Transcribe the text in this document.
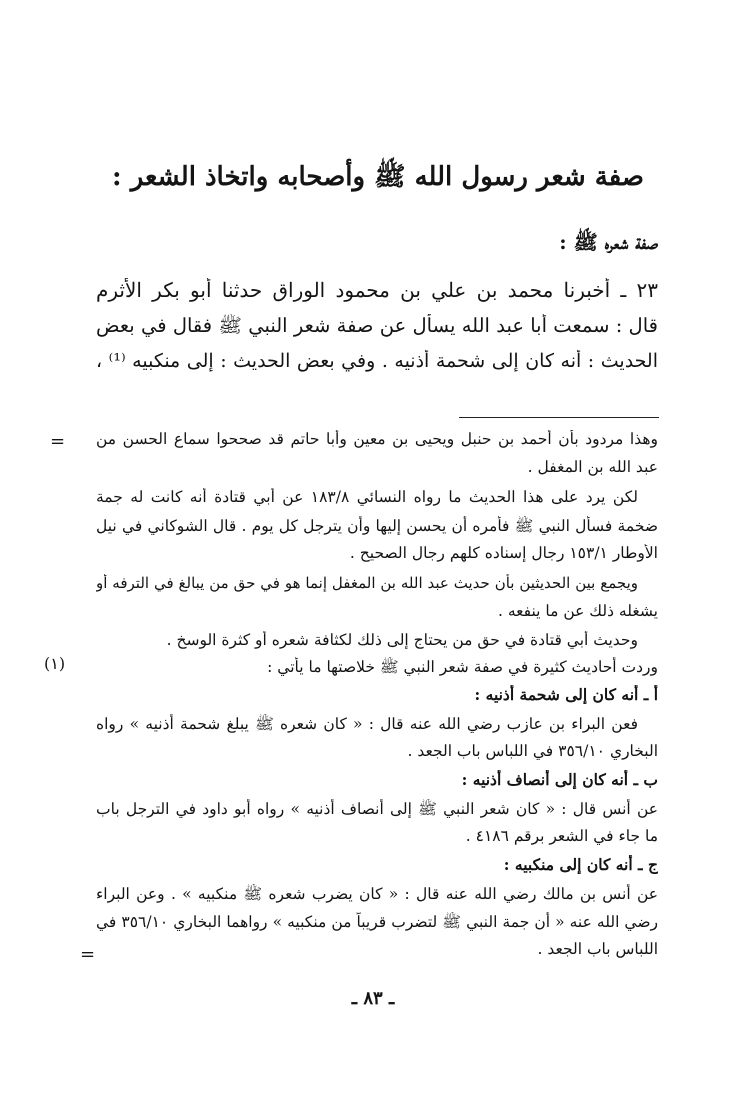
صفة شعر رسول الله ﷺ وأصحابه واتخاذ الشعر :
صفة شعره ﷺ :
٢٣ ـ أخبرنا محمد بن علي بن محمود الوراق حدثنا أبو بكر الأثرم
قال : سمعت أبا عبد الله يسأل عن صفة شعر النبي ﷺ فقال في بعض
الحديث : أنه كان إلى شحمة أذنيه . وفي بعض الحديث : إلى منكبيه ⁽¹⁾ ،
=
(١)
=
وهذا مردود بأن أحمد بن حنبل ويحيى بن معين وأبا حاتم قد صححوا سماع الحسن من
عبد الله بن المغفل .
لكن يرد على هذا الحديث ما رواه النسائي ١٨٣/٨ عن أبي قتادة أنه كانت له جمة
ضخمة فسأل النبي ﷺ فأمره أن يحسن إليها وأن يترجل كل يوم . قال الشوكاني في نيل
الأوطار ١٥٣/١ رجال إسناده كلهم رجال الصحيح .
ويجمع بين الحديثين بأن حديث عبد الله بن المغفل إنما هو في حق من يبالغ في الترفه أو
يشغله ذلك عن ما ينفعه .
وحديث أبي قتادة في حق من يحتاج إلى ذلك لكثافة شعره أو كثرة الوسخ .
وردت أحاديث كثيرة في صفة شعر النبي ﷺ خلاصتها ما يأتي :
أ ـ أنه كان إلى شحمة أذنيه :
فعن البراء بن عازب رضي الله عنه قال : « كان شعره ﷺ يبلغ شحمة أذنيه » رواه
البخاري ٣٥٦/١٠ في اللباس باب الجعد .
ب ـ أنه كان إلى أنصاف أذنيه :
عن أنس قال : « كان شعر النبي ﷺ إلى أنصاف أذنيه » رواه أبو داود في الترجل باب
ما جاء في الشعر برقم ٤١٨٦ .
ج ـ أنه كان إلى منكبيه :
عن أنس بن مالك رضي الله عنه قال : « كان يضرب شعره ﷺ منكبيه » . وعن البراء
رضي الله عنه « أن جمة النبي ﷺ لتضرب قريباً من منكبيه » رواهما البخاري ٣٥٦/١٠ في
اللباس باب الجعد .
ـ ٨٣ ـ
